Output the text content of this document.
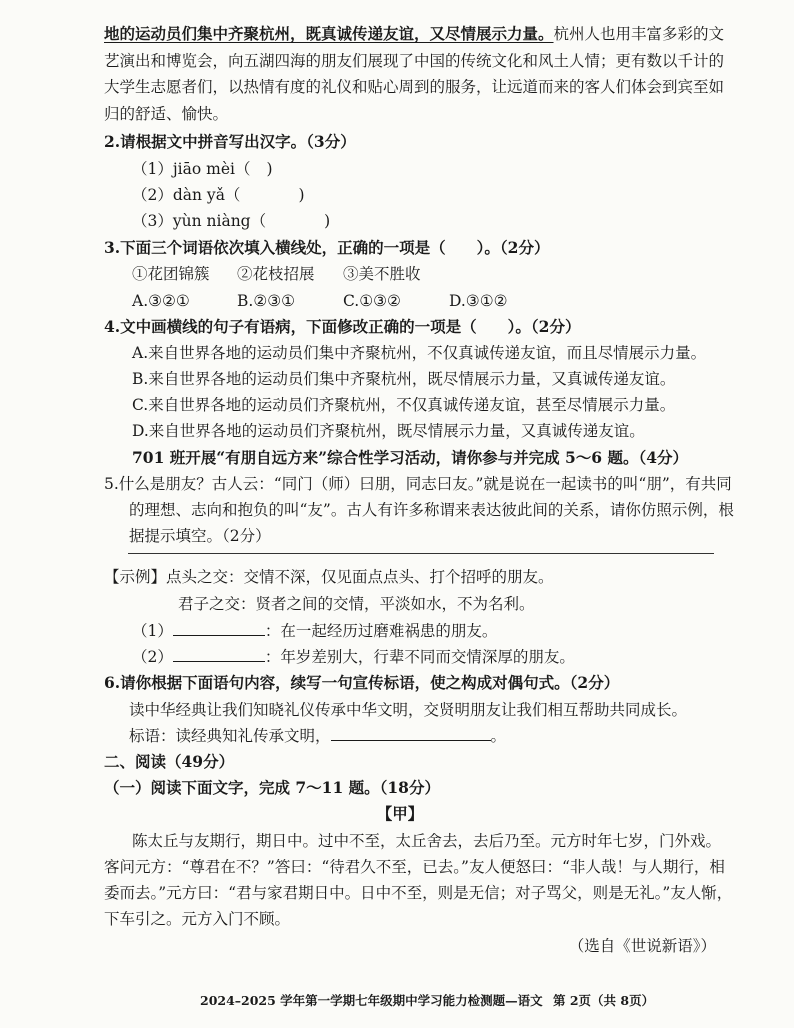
地的运动员们集中齐聚杭州，既真诚传递友谊，又尽情展示力量。杭州人也用丰富多彩的文
艺演出和博览会，向五湖四海的朋友们展现了中国的传统文化和风土人情；更有数以千计的
大学生志愿者们，以热情有度的礼仪和贴心周到的服务，让远道而来的客人们体会到宾至如
归的舒适、愉快。
2.请根据文中拼音写出汉字。（3分）
（1）jiāo mèi（ )
（2）dàn yǎ（	)
（3）yùn niàng（	)
3.下面三个词语依次填入横线处，正确的一项是（　　）。（2分）
①花团锦簇 ②花枝招展 ③美不胜收
A.③②①	B.②③①	C.①③②	D.③①②
4.文中画横线的句子有语病，下面修改正确的一项是（　　）。（2分）
A.来自世界各地的运动员们集中齐聚杭州，不仅真诚传递友谊，而且尽情展示力量。
B.来自世界各地的运动员们集中齐聚杭州，既尽情展示力量，又真诚传递友谊。
C.来自世界各地的运动员们齐聚杭州，不仅真诚传递友谊，甚至尽情展示力量。
D.来自世界各地的运动员们齐聚杭州，既尽情展示力量，又真诚传递友谊。
701 班开展“有朋自远方来”综合性学习活动，请你参与并完成 5～6 题。（4分）
5.什么是朋友？古人云：“同门（师）曰朋，同志曰友。”就是说在一起读书的叫“朋”，有共同
的理想、志向和抱负的叫“友”。古人有许多称谓来表达彼此间的关系，请你仿照示例，根
据提示填空。（2分）
【示例】点头之交：交情不深，仅见面点点头、打个招呼的朋友。
君子之交：贤者之间的交情，平淡如水，不为名利。
（1）	：在一起经历过磨难祸患的朋友。
（2）	：年岁差别大，行辈不同而交情深厚的朋友。
6.请你根据下面语句内容，续写一句宣传标语，使之构成对偶句式。（2分）
读中华经典让我们知晓礼仪传承中华文明，交贤明朋友让我们相互帮助共同成长。
标语：读经典知礼传承文明，	。
二、阅读（49分）
（一）阅读下面文字，完成 7～11 题。（18分）
【甲】
陈太丘与友期行，期日中。过中不至，太丘舍去，去后乃至。元方时年七岁，门外戏。
客问元方：“尊君在不？”答曰：“待君久不至，已去。”友人便怒曰：“非人哉！与人期行，相
委而去。”元方曰：“君与家君期日中。日中不至，则是无信；对子骂父，则是无礼。”友人惭，
下车引之。元方入门不顾。
（选自《世说新语》）
2024–2025 学年第一学期七年级期中学习能力检测题—语文 第 2页（共 8页）
